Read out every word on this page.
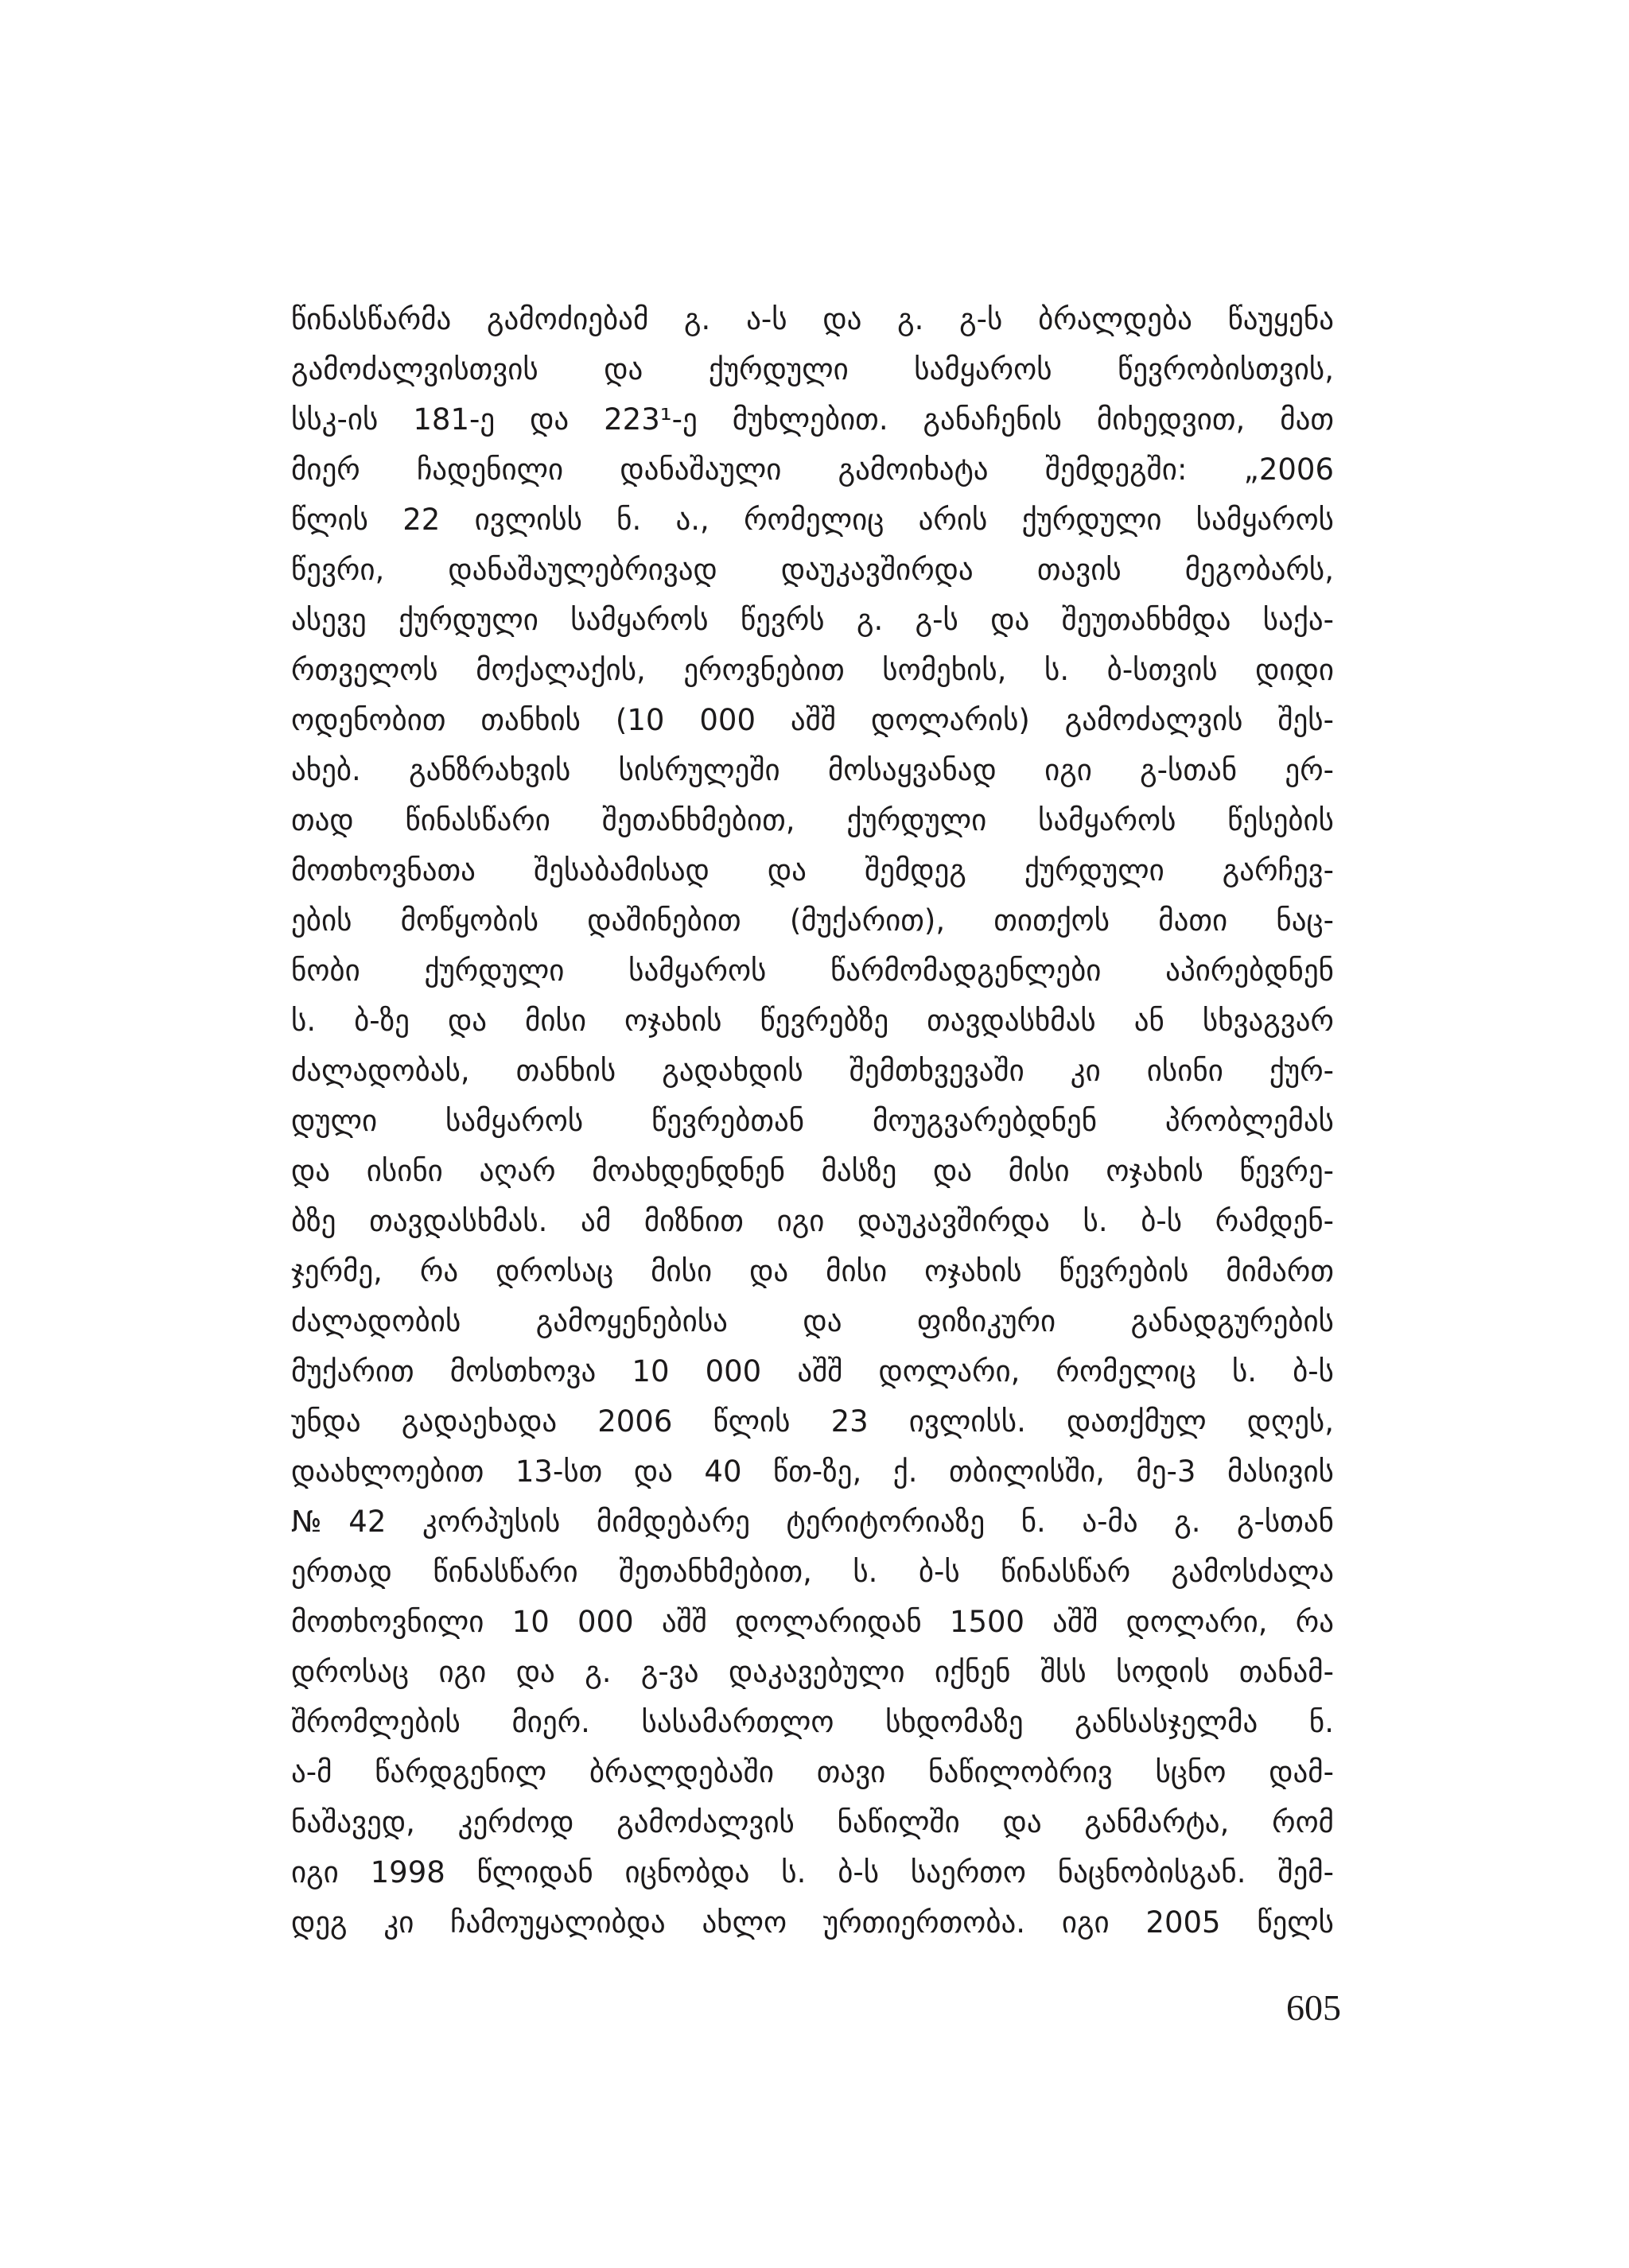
წინასწარმა გამოძიებამ გ. ა-ს და გ. გ-ს ბრალდება წაუყენა
გამოძალვისთვის და ქურდული სამყაროს წევრობისთვის,
სსკ-ის 181-ე და 223¹-ე მუხლებით. განაჩენის მიხედვით, მათ
მიერ ჩადენილი დანაშაული გამოიხატა შემდეგში: „2006
წლის 22 ივლისს ნ. ა., რომელიც არის ქურდული სამყაროს
წევრი, დანაშაულებრივად დაუკავშირდა თავის მეგობარს,
ასევე ქურდული სამყაროს წევრს გ. გ-ს და შეუთანხმდა საქა-
რთველოს მოქალაქის, ეროვნებით სომეხის, ს. ბ-სთვის დიდი
ოდენობით თანხის (10 000 აშშ დოლარის) გამოძალვის შეს-
ახებ. განზრახვის სისრულეში მოსაყვანად იგი გ-სთან ერ-
თად წინასწარი შეთანხმებით, ქურდული სამყაროს წესების
მოთხოვნათა შესაბამისად და შემდეგ ქურდული გარჩევ-
ების მოწყობის დაშინებით (მუქარით), თითქოს მათი ნაც-
ნობი ქურდული სამყაროს წარმომადგენლები აპირებდნენ
ს. ბ-ზე და მისი ოჯახის წევრებზე თავდასხმას ან სხვაგვარ
ძალადობას, თანხის გადახდის შემთხვევაში კი ისინი ქურ-
დული სამყაროს წევრებთან მოუგვარებდნენ პრობლემას
და ისინი აღარ მოახდენდნენ მასზე და მისი ოჯახის წევრე-
ბზე თავდასხმას. ამ მიზნით იგი დაუკავშირდა ს. ბ-ს რამდენ-
ჯერმე, რა დროსაც მისი და მისი ოჯახის წევრების მიმართ
ძალადობის გამოყენებისა და ფიზიკური განადგურების
მუქარით მოსთხოვა 10 000 აშშ დოლარი, რომელიც ს. ბ-ს
უნდა გადაეხადა 2006 წლის 23 ივლისს. დათქმულ დღეს,
დაახლოებით 13-სთ და 40 წთ-ზე, ქ. თბილისში, მე-3 მასივის
№42 კორპუსის მიმდებარე ტერიტორიაზე ნ. ა-მა გ. გ-სთან
ერთად წინასწარი შეთანხმებით, ს. ბ-ს წინასწარ გამოსძალა
მოთხოვნილი 10 000 აშშ დოლარიდან 1500 აშშ დოლარი, რა
დროსაც იგი და გ. გ-ვა დაკავებული იქნენ შსს სოდის თანამ-
შრომლების მიერ. სასამართლო სხდომაზე განსასჯელმა ნ.
ა-მ წარდგენილ ბრალდებაში თავი ნაწილობრივ სცნო დამ-
ნაშავედ, კერძოდ გამოძალვის ნაწილში და განმარტა, რომ
იგი 1998 წლიდან იცნობდა ს. ბ-ს საერთო ნაცნობისგან. შემ-
დეგ კი ჩამოუყალიბდა ახლო ურთიერთობა. იგი 2005 წელს
605
